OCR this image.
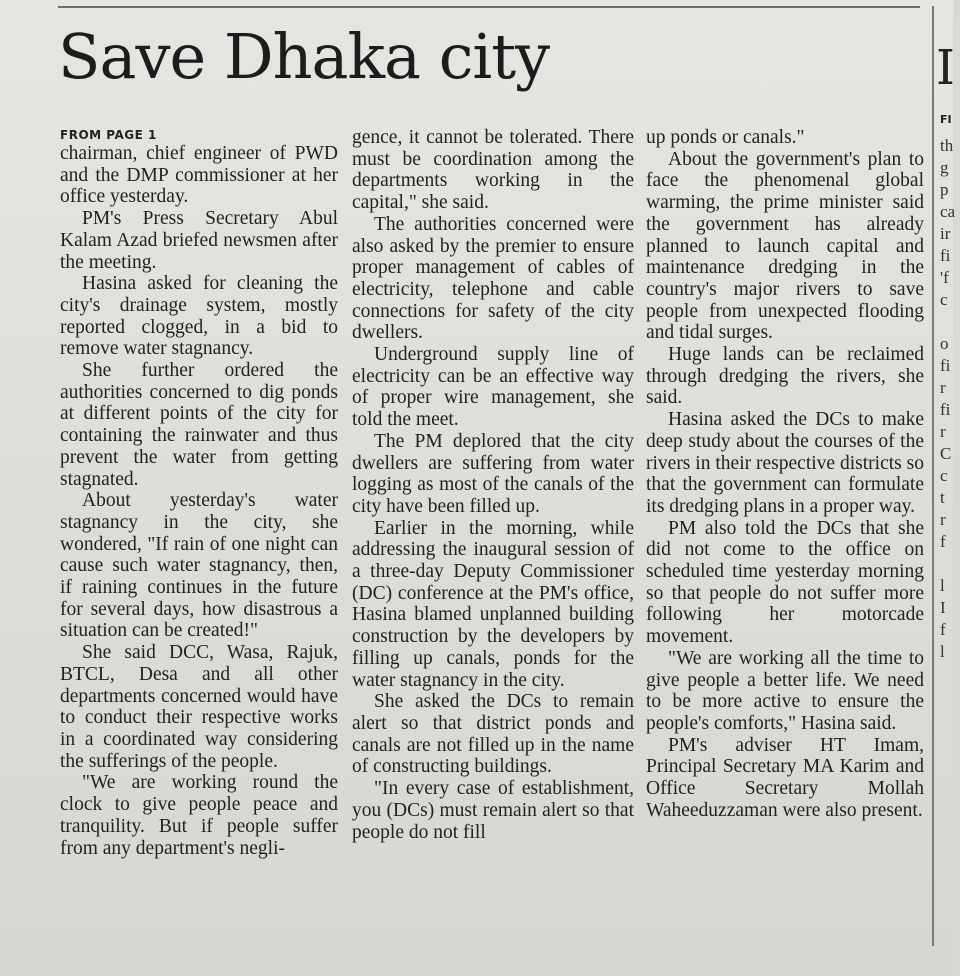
Save Dhaka city
FROM PAGE 1

chairman, chief engineer of PWD and the DMP commissioner at her office yesterday.

PM's Press Secretary Abul Kalam Azad briefed newsmen after the meeting.

Hasina asked for cleaning the city's drainage system, mostly reported clogged, in a bid to remove water stagnancy.

She further ordered the authorities concerned to dig ponds at different points of the city for containing the rainwater and thus prevent the water from getting stagnated.

About yesterday's water stagnancy in the city, she wondered, "If rain of one night can cause such water stagnancy, then, if raining continues in the future for several days, how disastrous a situation can be created!"

She said DCC, Wasa, Rajuk, BTCL, Desa and all other departments concerned would have to conduct their respective works in a coordinated way considering the sufferings of the people.

"We are working round the clock to give people peace and tranquility. But if people suffer from any department's negli-

gence, it cannot be tolerated. There must be coordination among the departments working in the capital," she said.

The authorities concerned were also asked by the premier to ensure proper management of cables of electricity, telephone and cable connections for safety of the city dwellers.

Underground supply line of electricity can be an effective way of proper wire management, she told the meet.

The PM deplored that the city dwellers are suffering from water logging as most of the canals of the city have been filled up.

Earlier in the morning, while addressing the inaugural session of a three-day Deputy Commissioner (DC) conference at the PM's office, Hasina blamed unplanned building construction by the developers by filling up canals, ponds for the water stagnancy in the city.

She asked the DCs to remain alert so that district ponds and canals are not filled up in the name of constructing buildings.

"In every case of establishment, you (DCs) must remain alert so that people do not fill

up ponds or canals."

About the government's plan to face the phenomenal global warming, the prime minister said the government has already planned to launch capital and maintenance dredging in the country's major rivers to save people from unexpected flooding and tidal surges.

Huge lands can be reclaimed through dredging the rivers, she said.

Hasina asked the DCs to make deep study about the courses of the rivers in their respective districts so that the government can formulate its dredging plans in a proper way.

PM also told the DCs that she did not come to the office on scheduled time yesterday morning so that people do not suffer more following her motorcade movement.

"We are working all the time to give people a better life. We need to be more active to ensure the people's comforts," Hasina said.

PM's adviser HT Imam, Principal Secretary MA Karim and Office Secretary Mollah Waheeduzzaman were also present.

I
FI
th
g
p
ca
ir
fi
'f
c
o
fi
r
fi
r
C
c
t
r
f
l
I
f
l
